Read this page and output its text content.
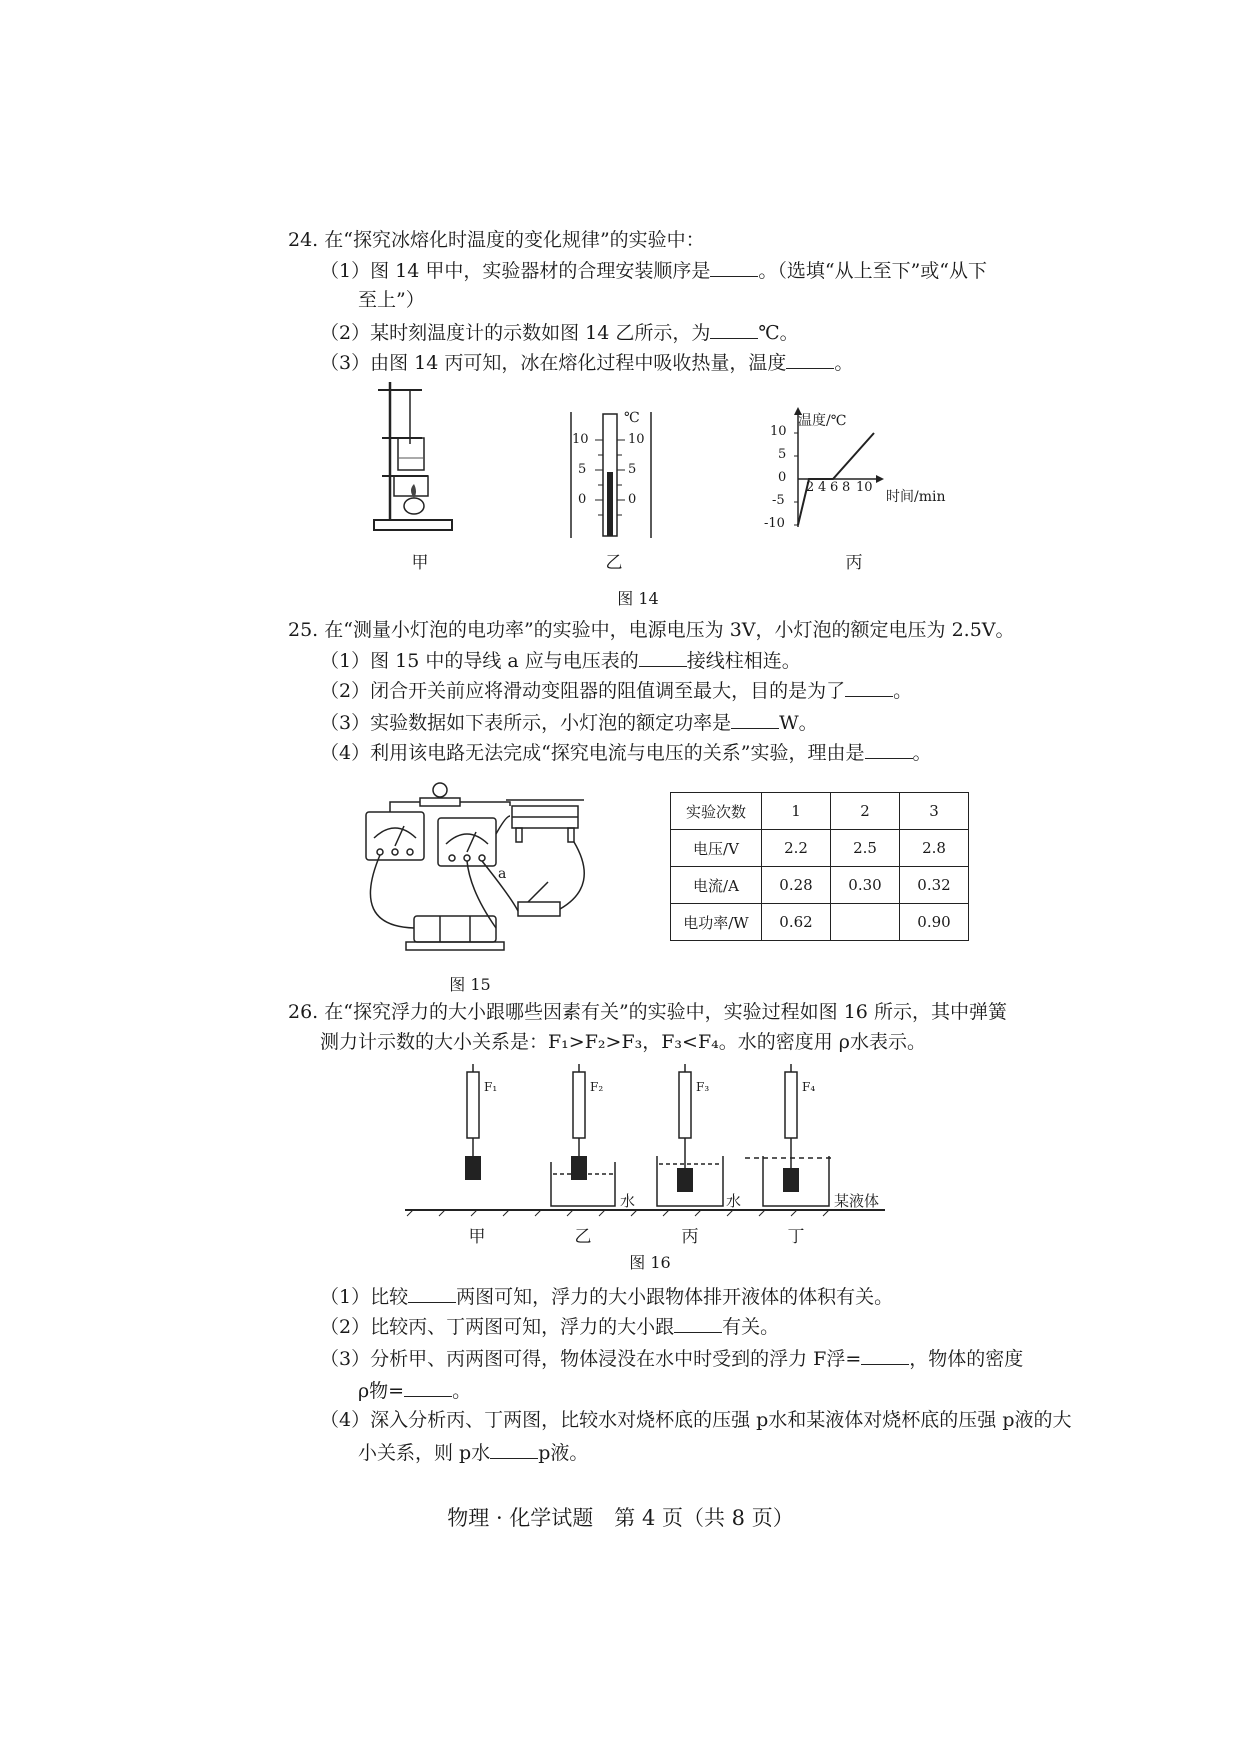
24. 在“探究冰熔化时温度的变化规律”的实验中：
（1）图 14 甲中，实验器材的合理安装顺序是	。（选填“从上至下”或“从下
至上”）
（2）某时刻温度计的示数如图 14 乙所示，为	℃。
（3）由图 14 丙可知，冰在熔化过程中吸收热量，温度	。
甲
℃
10
5
0
10
5
0
乙
温度/℃
时间/min
10
5
0
-5
-10
2 4 6 8 10
丙
图 14
25. 在“测量小灯泡的电功率”的实验中，电源电压为 3V，小灯泡的额定电压为 2.5V。
（1）图 15 中的导线 a 应与电压表的	接线柱相连。
（2）闭合开关前应将滑动变阻器的阻值调至最大，目的是为了	。
（3）实验数据如下表所示，小灯泡的额定功率是	W。
（4）利用该电路无法完成“探究电流与电压的关系”实验，理由是	。
a
图 15
实验次数	1	2	3
电压/V	2.2	2.5	2.8
电流/A	0.28	0.30	0.32
电功率/W	0.62		0.90
26. 在“探究浮力的大小跟哪些因素有关”的实验中，实验过程如图 16 所示，其中弹簧
测力计示数的大小关系是：F₁>F₂>F₃，F₃<F₄。水的密度用 ρ水表示。
F₁	F₂	F₃	F₄
水	水	某液体
甲	乙	丙	丁
图 16
（1）比较	两图可知，浮力的大小跟物体排开液体的体积有关。
（2）比较丙、丁两图可知，浮力的大小跟	有关。
（3）分析甲、丙两图可得，物体浸没在水中时受到的浮力 F浮=	，物体的密度
ρ物=	。
（4）深入分析丙、丁两图，比较水对烧杯底的压强 p水和某液体对烧杯底的压强 p液的大
小关系，则 p水	p液。
物理 · 化学试题　第 4 页（共 8 页）
